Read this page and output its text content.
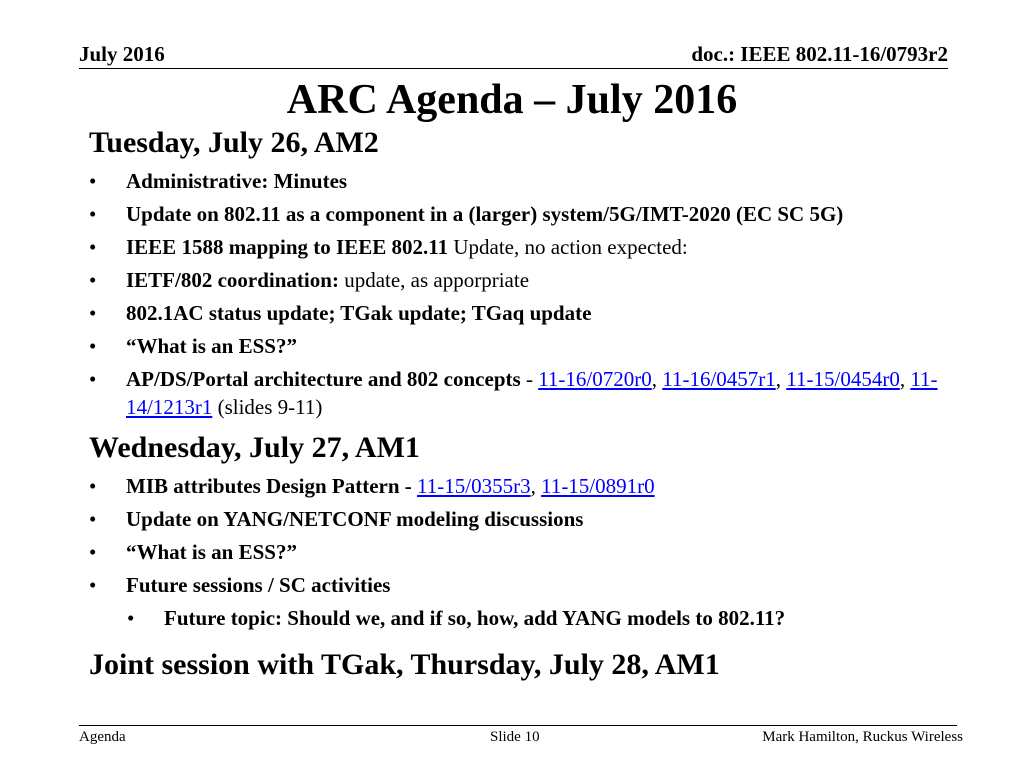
July 2016	doc.: IEEE 802.11-16/0793r2
ARC Agenda – July 2016

Tuesday, July 26, AM2

• Administrative: Minutes
• Update on 802.11 as a component in a (larger) system/5G/IMT-2020 (EC SC 5G)
• IEEE 1588 mapping to IEEE 802.11 Update, no action expected:
• IETF/802 coordination: update, as apporpriate
• 802.1AC status update; TGak update; TGaq update
• “What is an ESS?”
• AP/DS/Portal architecture and 802 concepts - 11-16/0720r0, 11-16/0457r1, 11-15/0454r0, 11-14/1213r1 (slides 9-11)

Wednesday, July 27, AM1

• MIB attributes Design Pattern - 11-15/0355r3, 11-15/0891r0
• Update on YANG/NETCONF modeling discussions
• “What is an ESS?”
• Future sessions / SC activities
• Future topic: Should we, and if so, how, add YANG models to 802.11?

Joint session with TGak, Thursday, July 28, AM1

Agenda	Slide 10	Mark Hamilton, Ruckus Wireless
